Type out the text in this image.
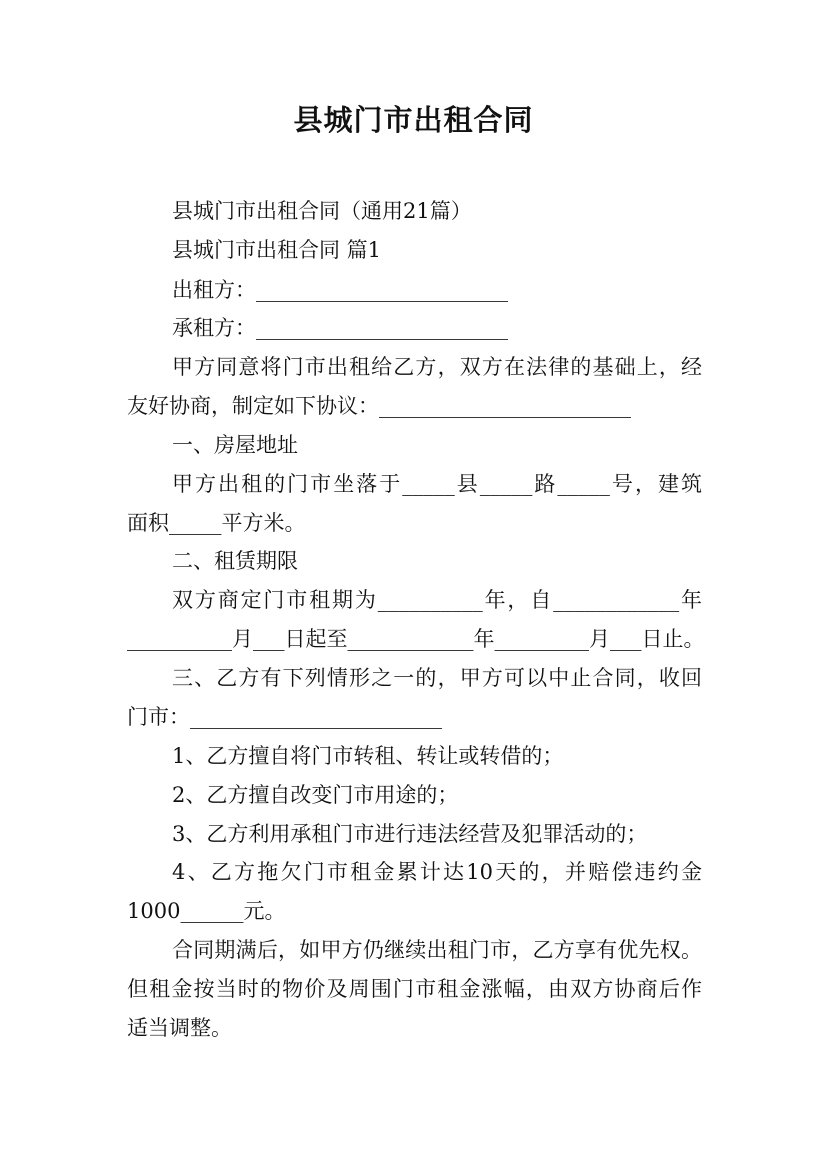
县城门市出租合同
县城门市出租合同（通用21篇）
县城门市出租合同 篇1
出租方：________________________
承租方：________________________
甲方同意将门市出租给乙方，双方在法律的基础上，经
友好协商，制定如下协议：________________________
一、房屋地址
甲方出租的门市坐落于_____县_____路_____号，建筑
面积_____平方米。
二、租赁期限
双方商定门市租期为__________年，自____________年
__________月___日起至____________年_________月___日止。
三、乙方有下列情形之一的，甲方可以中止合同，收回
门市：________________________
1、乙方擅自将门市转租、转让或转借的；
2、乙方擅自改变门市用途的；
3、乙方利用承租门市进行违法经营及犯罪活动的；
4、乙方拖欠门市租金累计达10天的，并赔偿违约金
1000______元。
合同期满后，如甲方仍继续出租门市，乙方享有优先权。
但租金按当时的物价及周围门市租金涨幅，由双方协商后作
适当调整。
